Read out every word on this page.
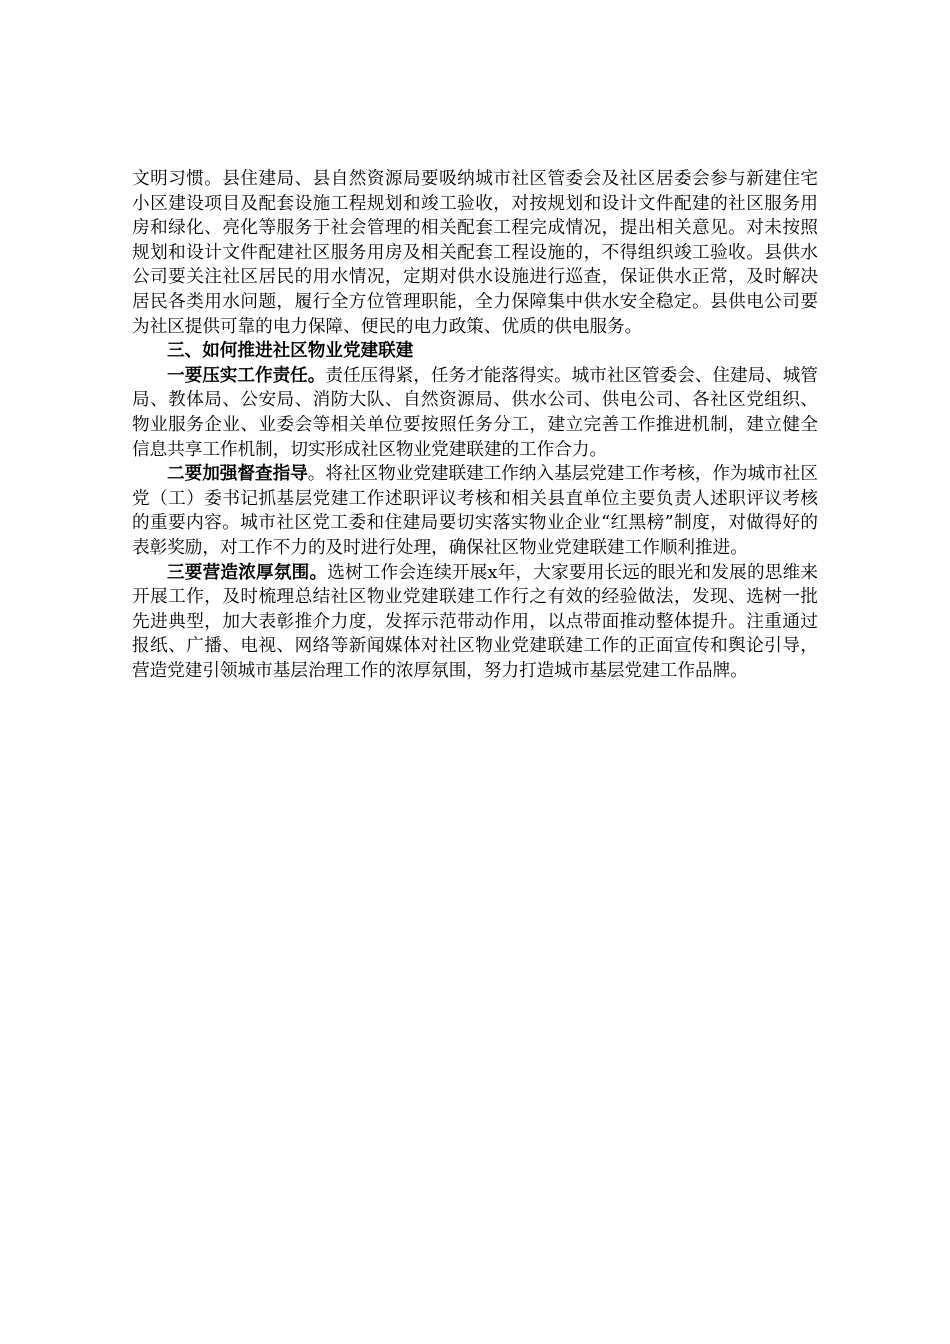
文明习惯。县住建局、县自然资源局要吸纳城市社区管委会及社区居委会参与新建住宅小区建设项目及配套设施工程规划和竣工验收，对按规划和设计文件配建的社区服务用房和绿化、亮化等服务于社会管理的相关配套工程完成情况，提出相关意见。对未按照规划和设计文件配建社区服务用房及相关配套工程设施的，不得组织竣工验收。县供水公司要关注社区居民的用水情况，定期对供水设施进行巡查，保证供水正常，及时解决居民各类用水问题，履行全方位管理职能，全力保障集中供水安全稳定。县供电公司要为社区提供可靠的电力保障、便民的电力政策、优质的供电服务。

三、如何推进社区物业党建联建

一要压实工作责任。责任压得紧，任务才能落得实。城市社区管委会、住建局、城管局、教体局、公安局、消防大队、自然资源局、供水公司、供电公司、各社区党组织、物业服务企业、业委会等相关单位要按照任务分工，建立完善工作推进机制，建立健全信息共享工作机制，切实形成社区物业党建联建的工作合力。

二要加强督查指导。将社区物业党建联建工作纳入基层党建工作考核，作为城市社区党（工）委书记抓基层党建工作述职评议考核和相关县直单位主要负责人述职评议考核的重要内容。城市社区党工委和住建局要切实落实物业企业“红黑榜”制度，对做得好的表彰奖励，对工作不力的及时进行处理，确保社区物业党建联建工作顺利推进。

三要营造浓厚氛围。选树工作会连续开展x年，大家要用长远的眼光和发展的思维来开展工作，及时梳理总结社区物业党建联建工作行之有效的经验做法，发现、选树一批先进典型，加大表彰推介力度，发挥示范带动作用，以点带面推动整体提升。注重通过报纸、广播、电视、网络等新闻媒体对社区物业党建联建工作的正面宣传和舆论引导，营造党建引领城市基层治理工作的浓厚氛围，努力打造城市基层党建工作品牌。
